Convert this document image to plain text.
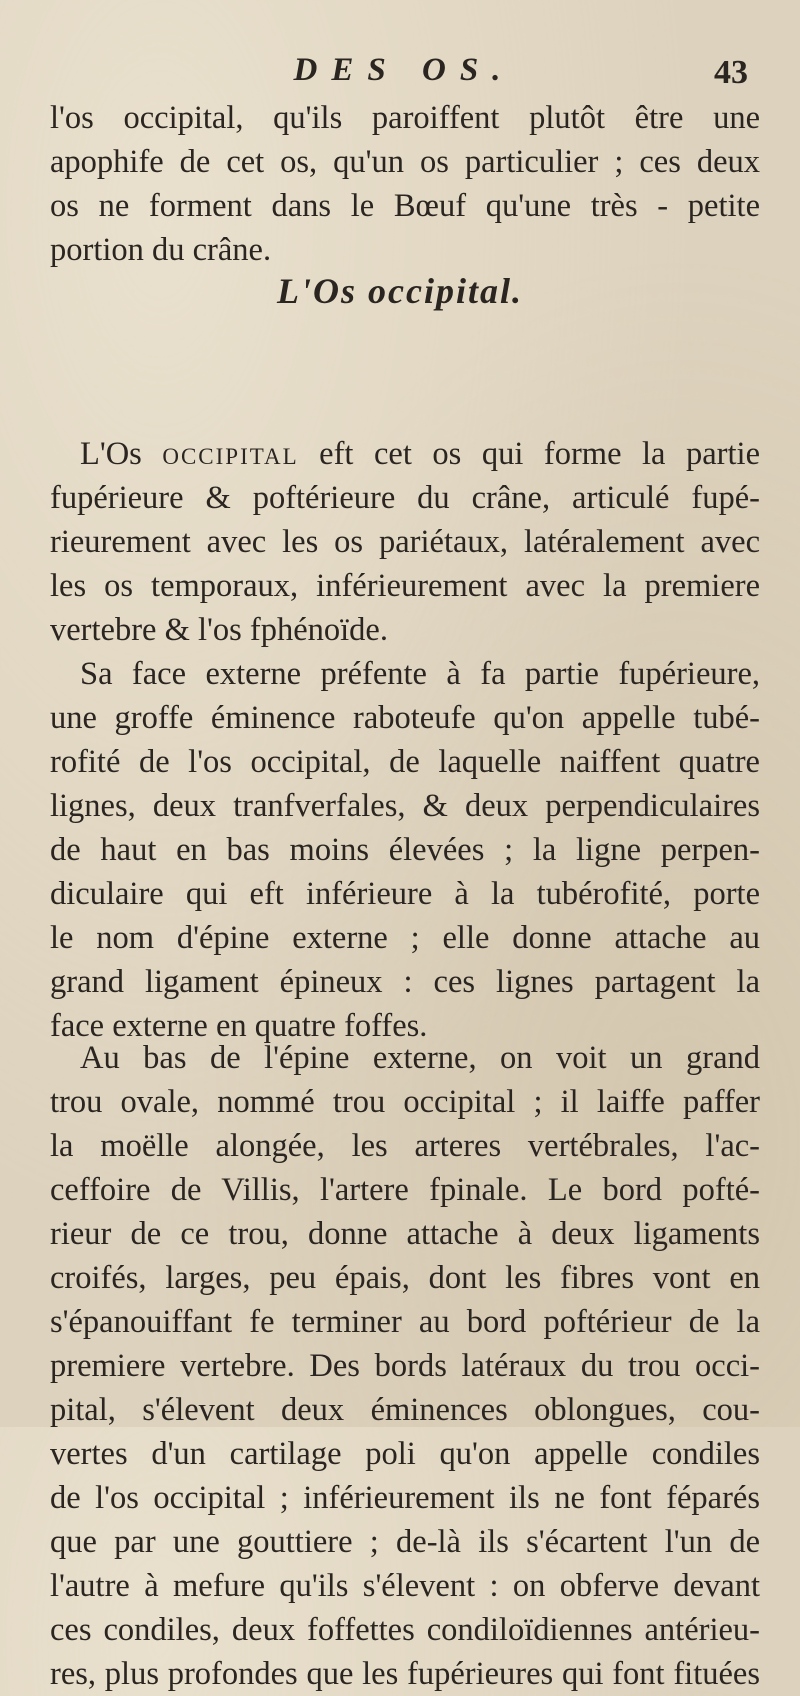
DES OS.	43
l'os occipital, qu'ils paroiffent plutôt être une
apophife de cet os, qu'un os particulier ; ces deux
os ne forment dans le Bœuf qu'une très - petite
portion du crâne.
L'Os occipital.
L'Os occipital eft cet os qui forme la partie
fupérieure & poftérieure du crâne, articulé fupé-
rieurement avec les os pariétaux, latéralement avec
les os temporaux, inférieurement avec la premiere
vertebre & l'os fphénoïde.
Sa face externe préfente à fa partie fupérieure,
une groffe éminence raboteufe qu'on appelle tubé-
rofité de l'os occipital, de laquelle naiffent quatre
lignes, deux tranfverfales, & deux perpendiculaires
de haut en bas moins élevées ; la ligne perpen-
diculaire qui eft inférieure à la tubérofité, porte
le nom d'épine externe ; elle donne attache au
grand ligament épineux : ces lignes partagent la
face externe en quatre foffes.
Au bas de l'épine externe, on voit un grand
trou ovale, nommé trou occipital ; il laiffe paffer
la moëlle alongée, les arteres vertébrales, l'ac-
ceffoire de Villis, l'artere fpinale. Le bord pofté-
rieur de ce trou, donne attache à deux ligaments
croifés, larges, peu épais, dont les fibres vont en
s'épanouiffant fe terminer au bord poftérieur de la
premiere vertebre. Des bords latéraux du trou occi-
pital, s'élevent deux éminences oblongues, cou-
vertes d'un cartilage poli qu'on appelle condiles
de l'os occipital ; inférieurement ils ne font féparés
que par une gouttiere ; de-là ils s'écartent l'un de
l'autre à mefure qu'ils s'élevent : on obferve devant
ces condiles, deux foffettes condiloïdiennes antérieu-
res, plus profondes que les fupérieures qui font fituées
